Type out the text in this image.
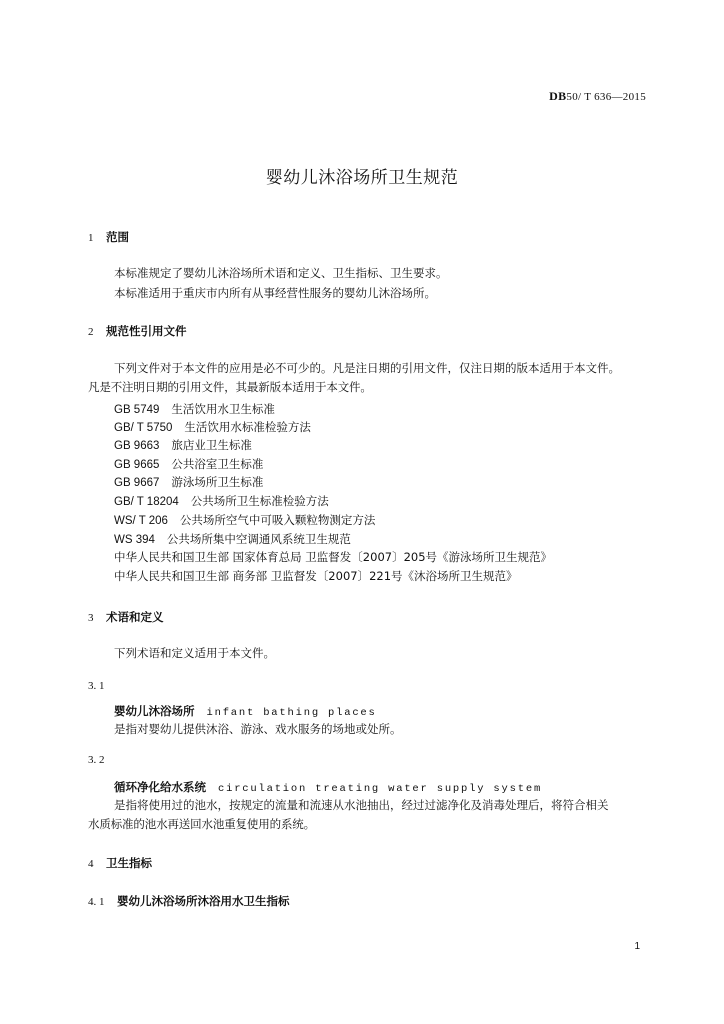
DB50/ T 636—2015
婴幼儿沐浴场所卫生规范
1 范围
本标准规定了婴幼儿沐浴场所术语和定义、卫生指标、卫生要求。
本标准适用于重庆市内所有从事经营性服务的婴幼儿沐浴场所。
2 规范性引用文件
下列文件对于本文件的应用是必不可少的。凡是注日期的引用文件，仅注日期的版本适用于本文件。
凡是不注明日期的引用文件，其最新版本适用于本文件。
GB 5749 生活饮用水卫生标准
GB/ T 5750 生活饮用水标准检验方法
GB 9663 旅店业卫生标准
GB 9665 公共浴室卫生标准
GB 9667 游泳场所卫生标准
GB/ T 18204 公共场所卫生标准检验方法
WS/ T 206 公共场所空气中可吸入颗粒物测定方法
WS 394 公共场所集中空调通风系统卫生规范
中华人民共和国卫生部 国家体育总局 卫监督发〔2007〕205号《游泳场所卫生规范》
中华人民共和国卫生部 商务部 卫监督发〔2007〕221号《沐浴场所卫生规范》
3 术语和定义
下列术语和定义适用于本文件。
3. 1
婴幼儿沐浴场所 infant bathing places
是指对婴幼儿提供沐浴、游泳、戏水服务的场地或处所。
3. 2
循环净化给水系统 circulation treating water supply system
是指将使用过的池水，按规定的流量和流速从水池抽出，经过过滤净化及消毒处理后，将符合相关
水质标准的池水再送回水池重复使用的系统。
4 卫生指标
4. 1 婴幼儿沐浴场所沐浴用水卫生指标
1
